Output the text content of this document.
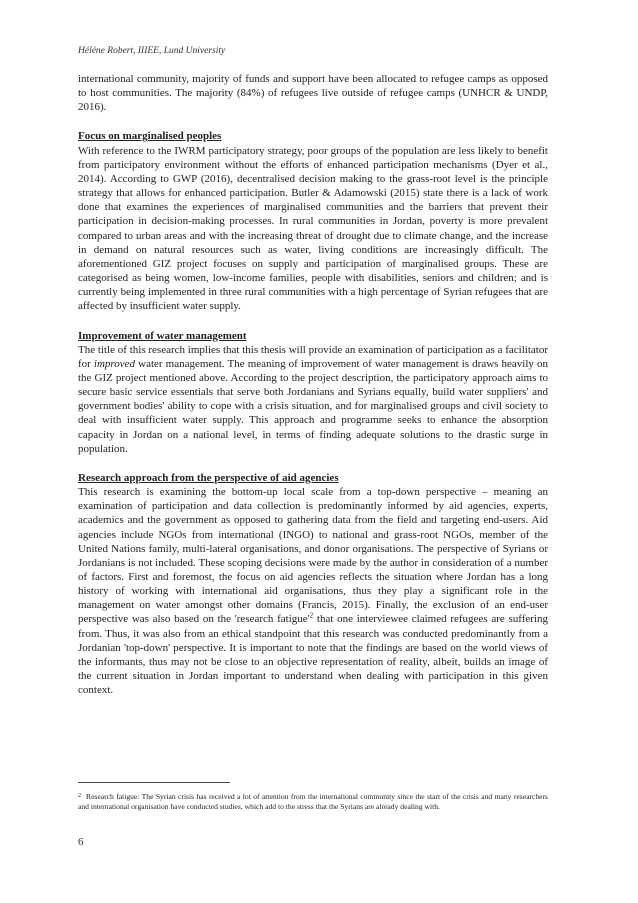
Héléne Robert, IIIEE, Lund University

international community, majority of funds and support have been allocated to refugee camps as opposed to host communities. The majority (84%) of refugees live outside of refugee camps (UNHCR & UNDP, 2016).

Focus on marginalised peoples

With reference to the IWRM participatory strategy, poor groups of the population are less likely to benefit from participatory environment without the efforts of enhanced participation mechanisms (Dyer et al., 2014). According to GWP (2016), decentralised decision making to the grass-root level is the principle strategy that allows for enhanced participation. Butler & Adamowski (2015) state there is a lack of work done that examines the experiences of marginalised communities and the barriers that prevent their participation in decision-making processes. In rural communities in Jordan, poverty is more prevalent compared to urban areas and with the increasing threat of drought due to climate change, and the increase in demand on natural resources such as water, living conditions are increasingly difficult. The aforementioned GIZ project focuses on supply and participation of marginalised groups. These are categorised as being women, low-income families, people with disabilities, seniors and children; and is currently being implemented in three rural communities with a high percentage of Syrian refugees that are affected by insufficient water supply.

Improvement of water management

The title of this research implies that this thesis will provide an examination of participation as a facilitator for improved water management. The meaning of improvement of water management is draws heavily on the GIZ project mentioned above. According to the project description, the participatory approach aims to secure basic service essentials that serve both Jordanians and Syrians equally, build water suppliers' and government bodies' ability to cope with a crisis situation, and for marginalised groups and civil society to deal with insufficient water supply. This approach and programme seeks to enhance the absorption capacity in Jordan on a national level, in terms of finding adequate solutions to the drastic surge in population.

Research approach from the perspective of aid agencies

This research is examining the bottom-up local scale from a top-down perspective – meaning an examination of participation and data collection is predominantly informed by aid agencies, experts, academics and the government as opposed to gathering data from the field and targeting end-users. Aid agencies include NGOs from international (INGO) to national and grass-root NGOs, member of the United Nations family, multi-lateral organisations, and donor organisations. The perspective of Syrians or Jordanians is not included. These scoping decisions were made by the author in consideration of a number of factors. First and foremost, the focus on aid agencies reflects the situation where Jordan has a long history of working with international aid organisations, thus they play a significant role in the management on water amongst other domains (Francis, 2015). Finally, the exclusion of an end-user perspective was also based on the 'research $fatigue'^2$ that one interviewee claimed refugees are suffering from. Thus, it was also from an ethical standpoint that this research was conducted predominantly from a Jordanian 'top-down' perspective. It is important to note that the findings are based on the world views of the informants, thus may not be close to an objective representation of reality, albeit, builds an image of the current situation in Jordan important to understand when dealing with participation in this given context.

$^2$ Research fatigue: The Syrian crisis has received a lot of attention from the international community since the start of the crisis and many researchers and international organisation have conducted studies, which add to the stress that the Syrians are already dealing with.
6
